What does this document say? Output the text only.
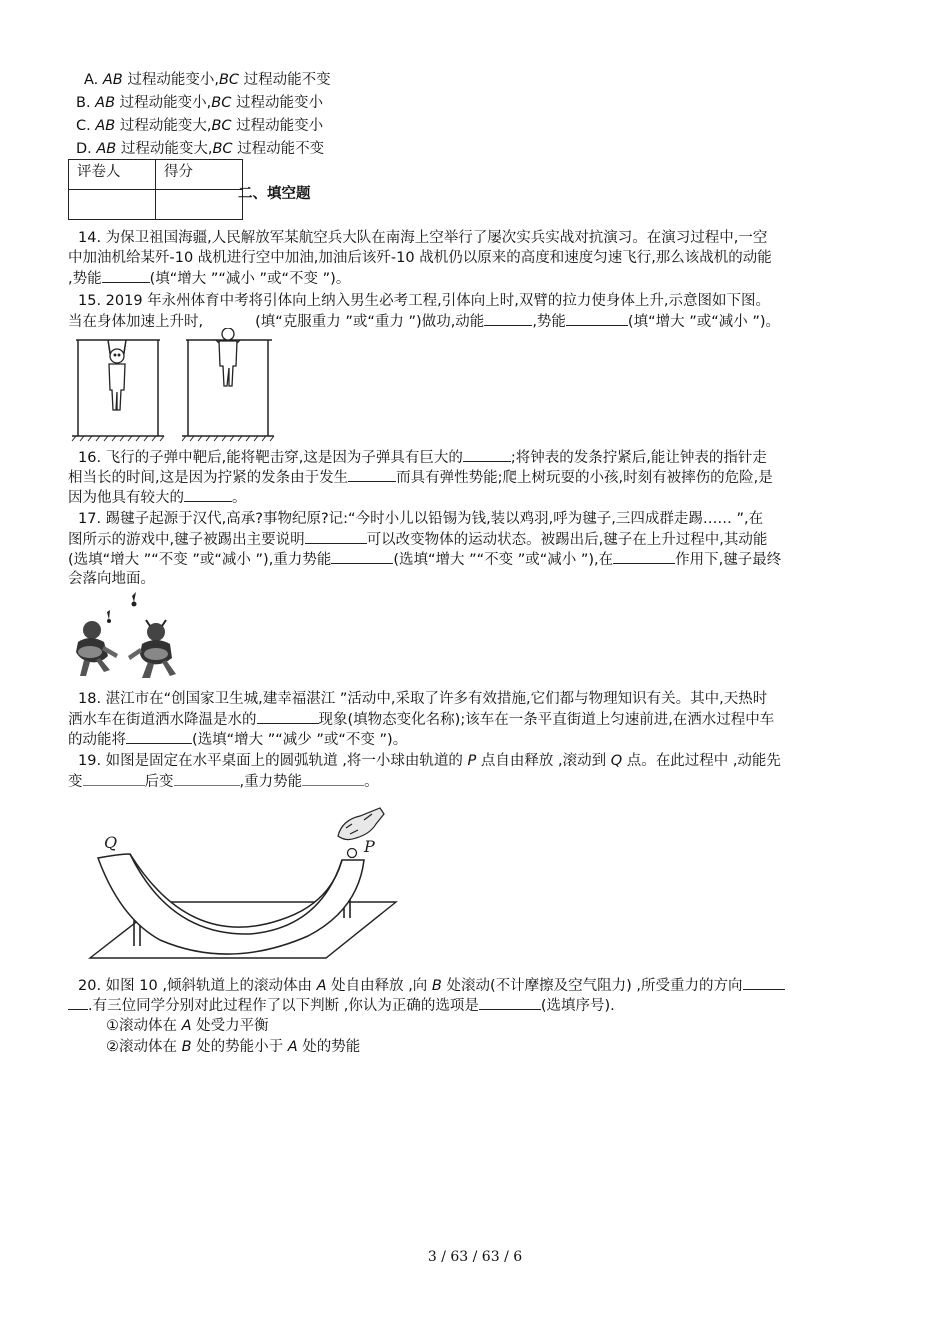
A. AB 过程动能变小,BC 过程动能不变
B. AB 过程动能变小,BC 过程动能变小
C. AB 过程动能变大,BC 过程动能变小
D. AB 过程动能变大,BC 过程动能不变
评卷人	得分

二、填空题
14. 为保卫祖国海疆,人民解放军某航空兵大队在南海上空举行了屡次实兵实战对抗演习。在演习过程中,一空
中加油机给某歼-10 战机进行空中加油,加油后该歼-10 战机仍以原来的高度和速度匀速飞行,那么该战机的动能
,势能	(填“增大 ”“减小 ”或“不变 ”)。
15. 2019 年永州体育中考将引体向上纳入男生必考工程,引体向上时,双臂的拉力使身体上升,示意图如下图。
当在身体加速上升时,	(填“克服重力 ”或“重力 ”)做功,动能	,势能	(填“增大 ”或“减小 ”)。
16. 飞行的子弹中靶后,能将靶击穿,这是因为子弹具有巨大的	;将钟表的发条拧紧后,能让钟表的指针走
相当长的时间,这是因为拧紧的发条由于发生	而具有弹性势能;爬上树玩耍的小孩,时刻有被摔伤的危险,是
因为他具有较大的	。
17. 踢毽子起源于汉代,高承?事物纪原?记:“今时小儿以铅锡为钱,装以鸡羽,呼为毽子,三四成群走踢…… ”,在
图所示的游戏中,毽子被踢出主要说明	可以改变物体的运动状态。被踢出后,毽子在上升过程中,其动能
(选填“增大 ”“不变 ”或“减小 ”),重力势能	(选填“增大 ”“不变 ”或“减小 ”),在	作用下,毽子最终
会落向地面。
18. 湛江市在“创国家卫生城,建幸福湛江 ”活动中,采取了许多有效措施,它们都与物理知识有关。其中,天热时
洒水车在街道洒水降温是水的	现象(填物态变化名称);该车在一条平直街道上匀速前进,在洒水过程中车
的动能将	(选填“增大 ”“减少 ”或“不变 ”)。
19. 如图是固定在水平桌面上的圆弧轨道 ,将一小球由轨道的 P 点自由释放 ,滚动到 Q 点。在此过程中 ,动能先
变	后变	,重力势能	。
Q	P
20. 如图 10 ,倾斜轨道上的滚动体由 A 处自由释放 ,向 B 处滚动(不计摩擦及空气阻力) ,所受重力的方向
.有三位同学分别对此过程作了以下判断 ,你认为正确的选项是	(选填序号).
①滚动体在 A 处受力平衡
②滚动体在 B 处的势能小于 A 处的势能
3 / 63 / 63 / 6
